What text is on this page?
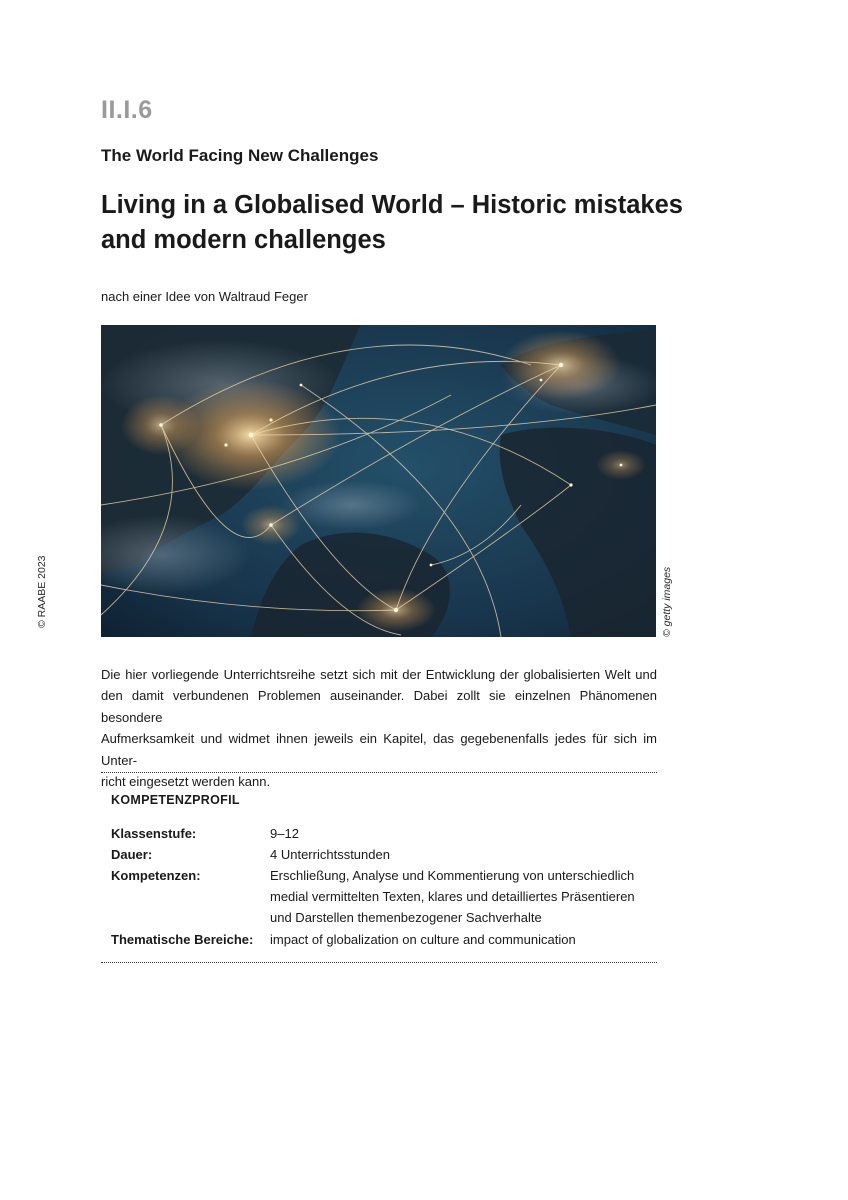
II.I.6
The World Facing New Challenges
Living in a Globalised World – Historic mistakes
and modern challenges
nach einer Idee von Waltraud Feger
© getty images
© RAABE 2023
Die hier vorliegende Unterrichtsreihe setzt sich mit der Entwicklung der globalisierten Welt und
den damit verbundenen Problemen auseinander. Dabei zollt sie einzelnen Phänomenen besondere
Aufmerksamkeit und widmet ihnen jeweils ein Kapitel, das gegebenenfalls jedes für sich im Unter-
richt eingesetzt werden kann.
KOMPETENZPROFIL
Klassenstufe:	9–12
Dauer:	4 Unterrichtsstunden
Kompetenzen:	Erschließung, Analyse und Kommentierung von unterschiedlich
medial vermittelten Texten, klares und detailliertes Präsentieren
und Darstellen themenbezogener Sachverhalte
Thematische Bereiche: impact of globalization on culture and communication
